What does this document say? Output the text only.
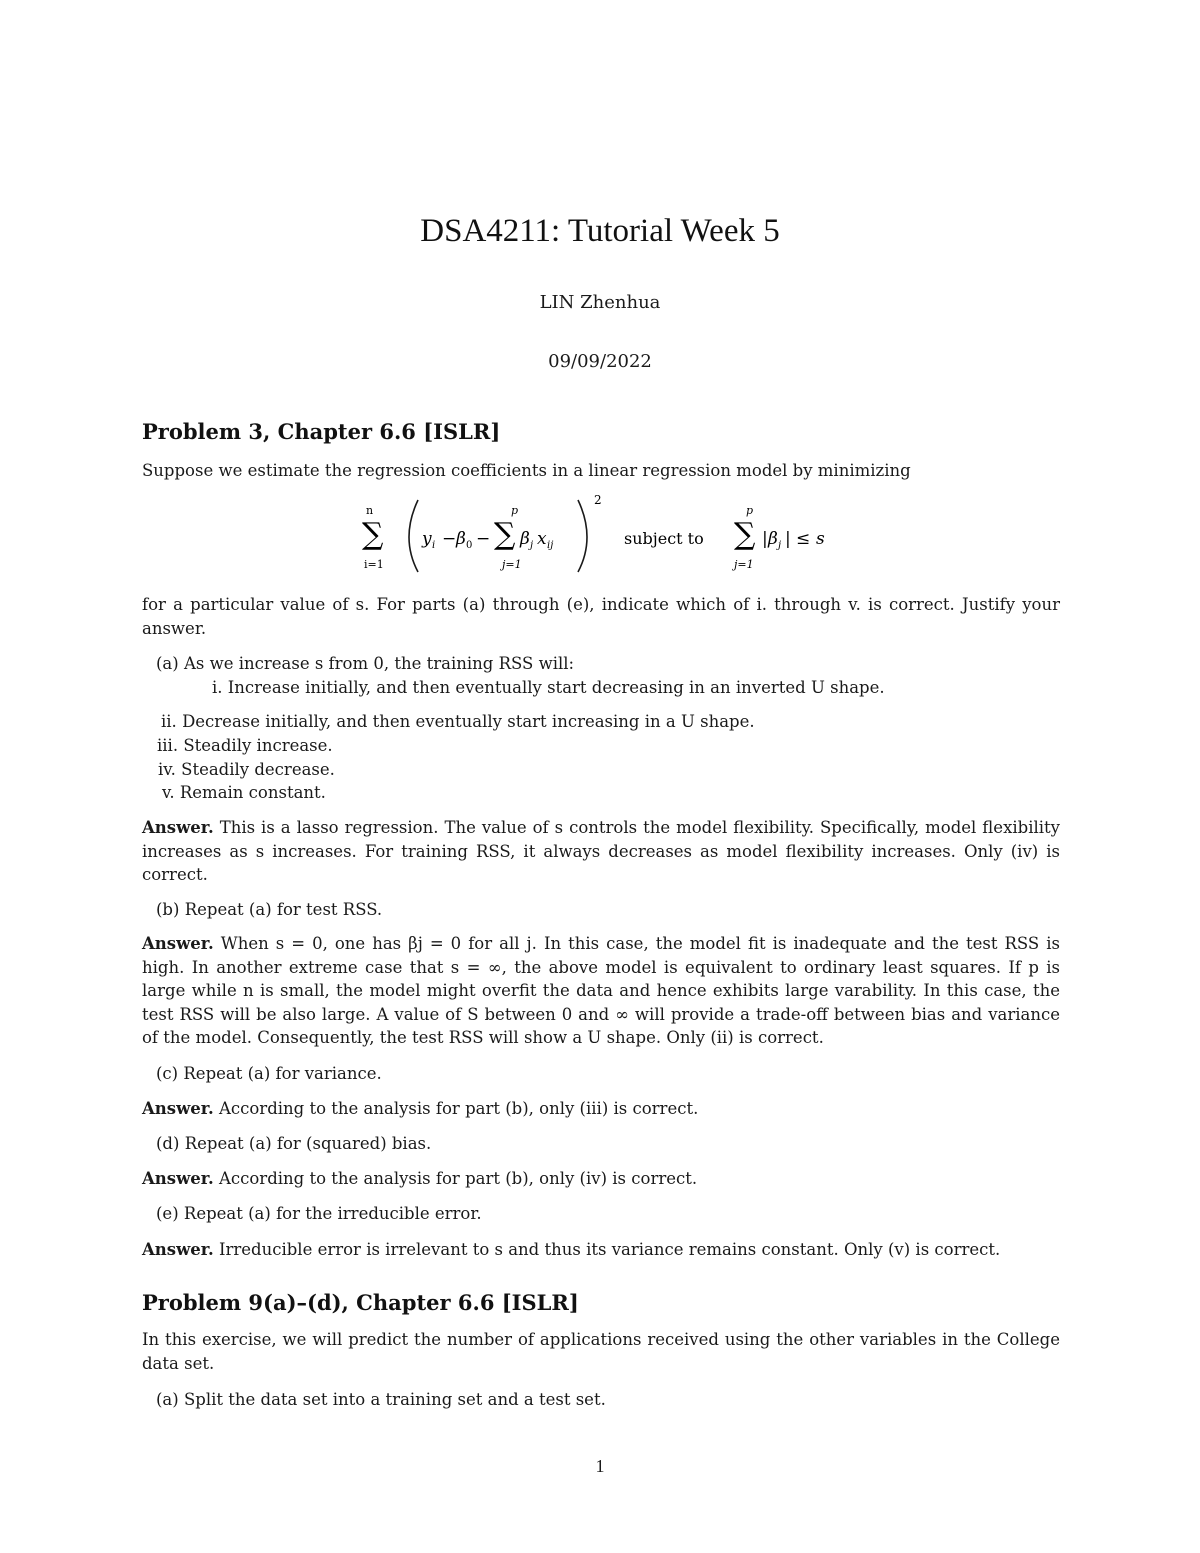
DSA4211: Tutorial Week 5
LIN Zhenhua
09/09/2022
Problem 3, Chapter 6.6 [ISLR]
Suppose we estimate the regression coefficients in a linear regression model by minimizing
n
∑
i=1
y i − β 0 −
p
∑
j=1
β j x ij
2
subject to
p
∑
j=1
| β j | ≤ s
for a particular value of s. For parts (a) through (e), indicate which of i. through v. is correct. Justify your answer.
(a) As we increase s from 0, the training RSS will:
i. Increase initially, and then eventually start decreasing in an inverted U shape.
ii. Decrease initially, and then eventually start increasing in a U shape.
iii. Steadily increase.
iv. Steadily decrease.
v. Remain constant.
Answer. This is a lasso regression. The value of s controls the model flexibility. Specifically, model flexibility increases as s increases. For training RSS, it always decreases as model flexibility increases. Only (iv) is correct.
(b) Repeat (a) for test RSS.
Answer. When s = 0, one has βj = 0 for all j. In this case, the model fit is inadequate and the test RSS is high. In another extreme case that s = ∞, the above model is equivalent to ordinary least squares. If p is large while n is small, the model might overfit the data and hence exhibits large varability. In this case, the test RSS will be also large. A value of S between 0 and ∞ will provide a trade-off between bias and variance of the model. Consequently, the test RSS will show a U shape. Only (ii) is correct.
(c) Repeat (a) for variance.
Answer. According to the analysis for part (b), only (iii) is correct.
(d) Repeat (a) for (squared) bias.
Answer. According to the analysis for part (b), only (iv) is correct.
(e) Repeat (a) for the irreducible error.
Answer. Irreducible error is irrelevant to s and thus its variance remains constant. Only (v) is correct.
Problem 9(a)–(d), Chapter 6.6 [ISLR]
In this exercise, we will predict the number of applications received using the other variables in the College data set.
(a) Split the data set into a training set and a test set.
1
